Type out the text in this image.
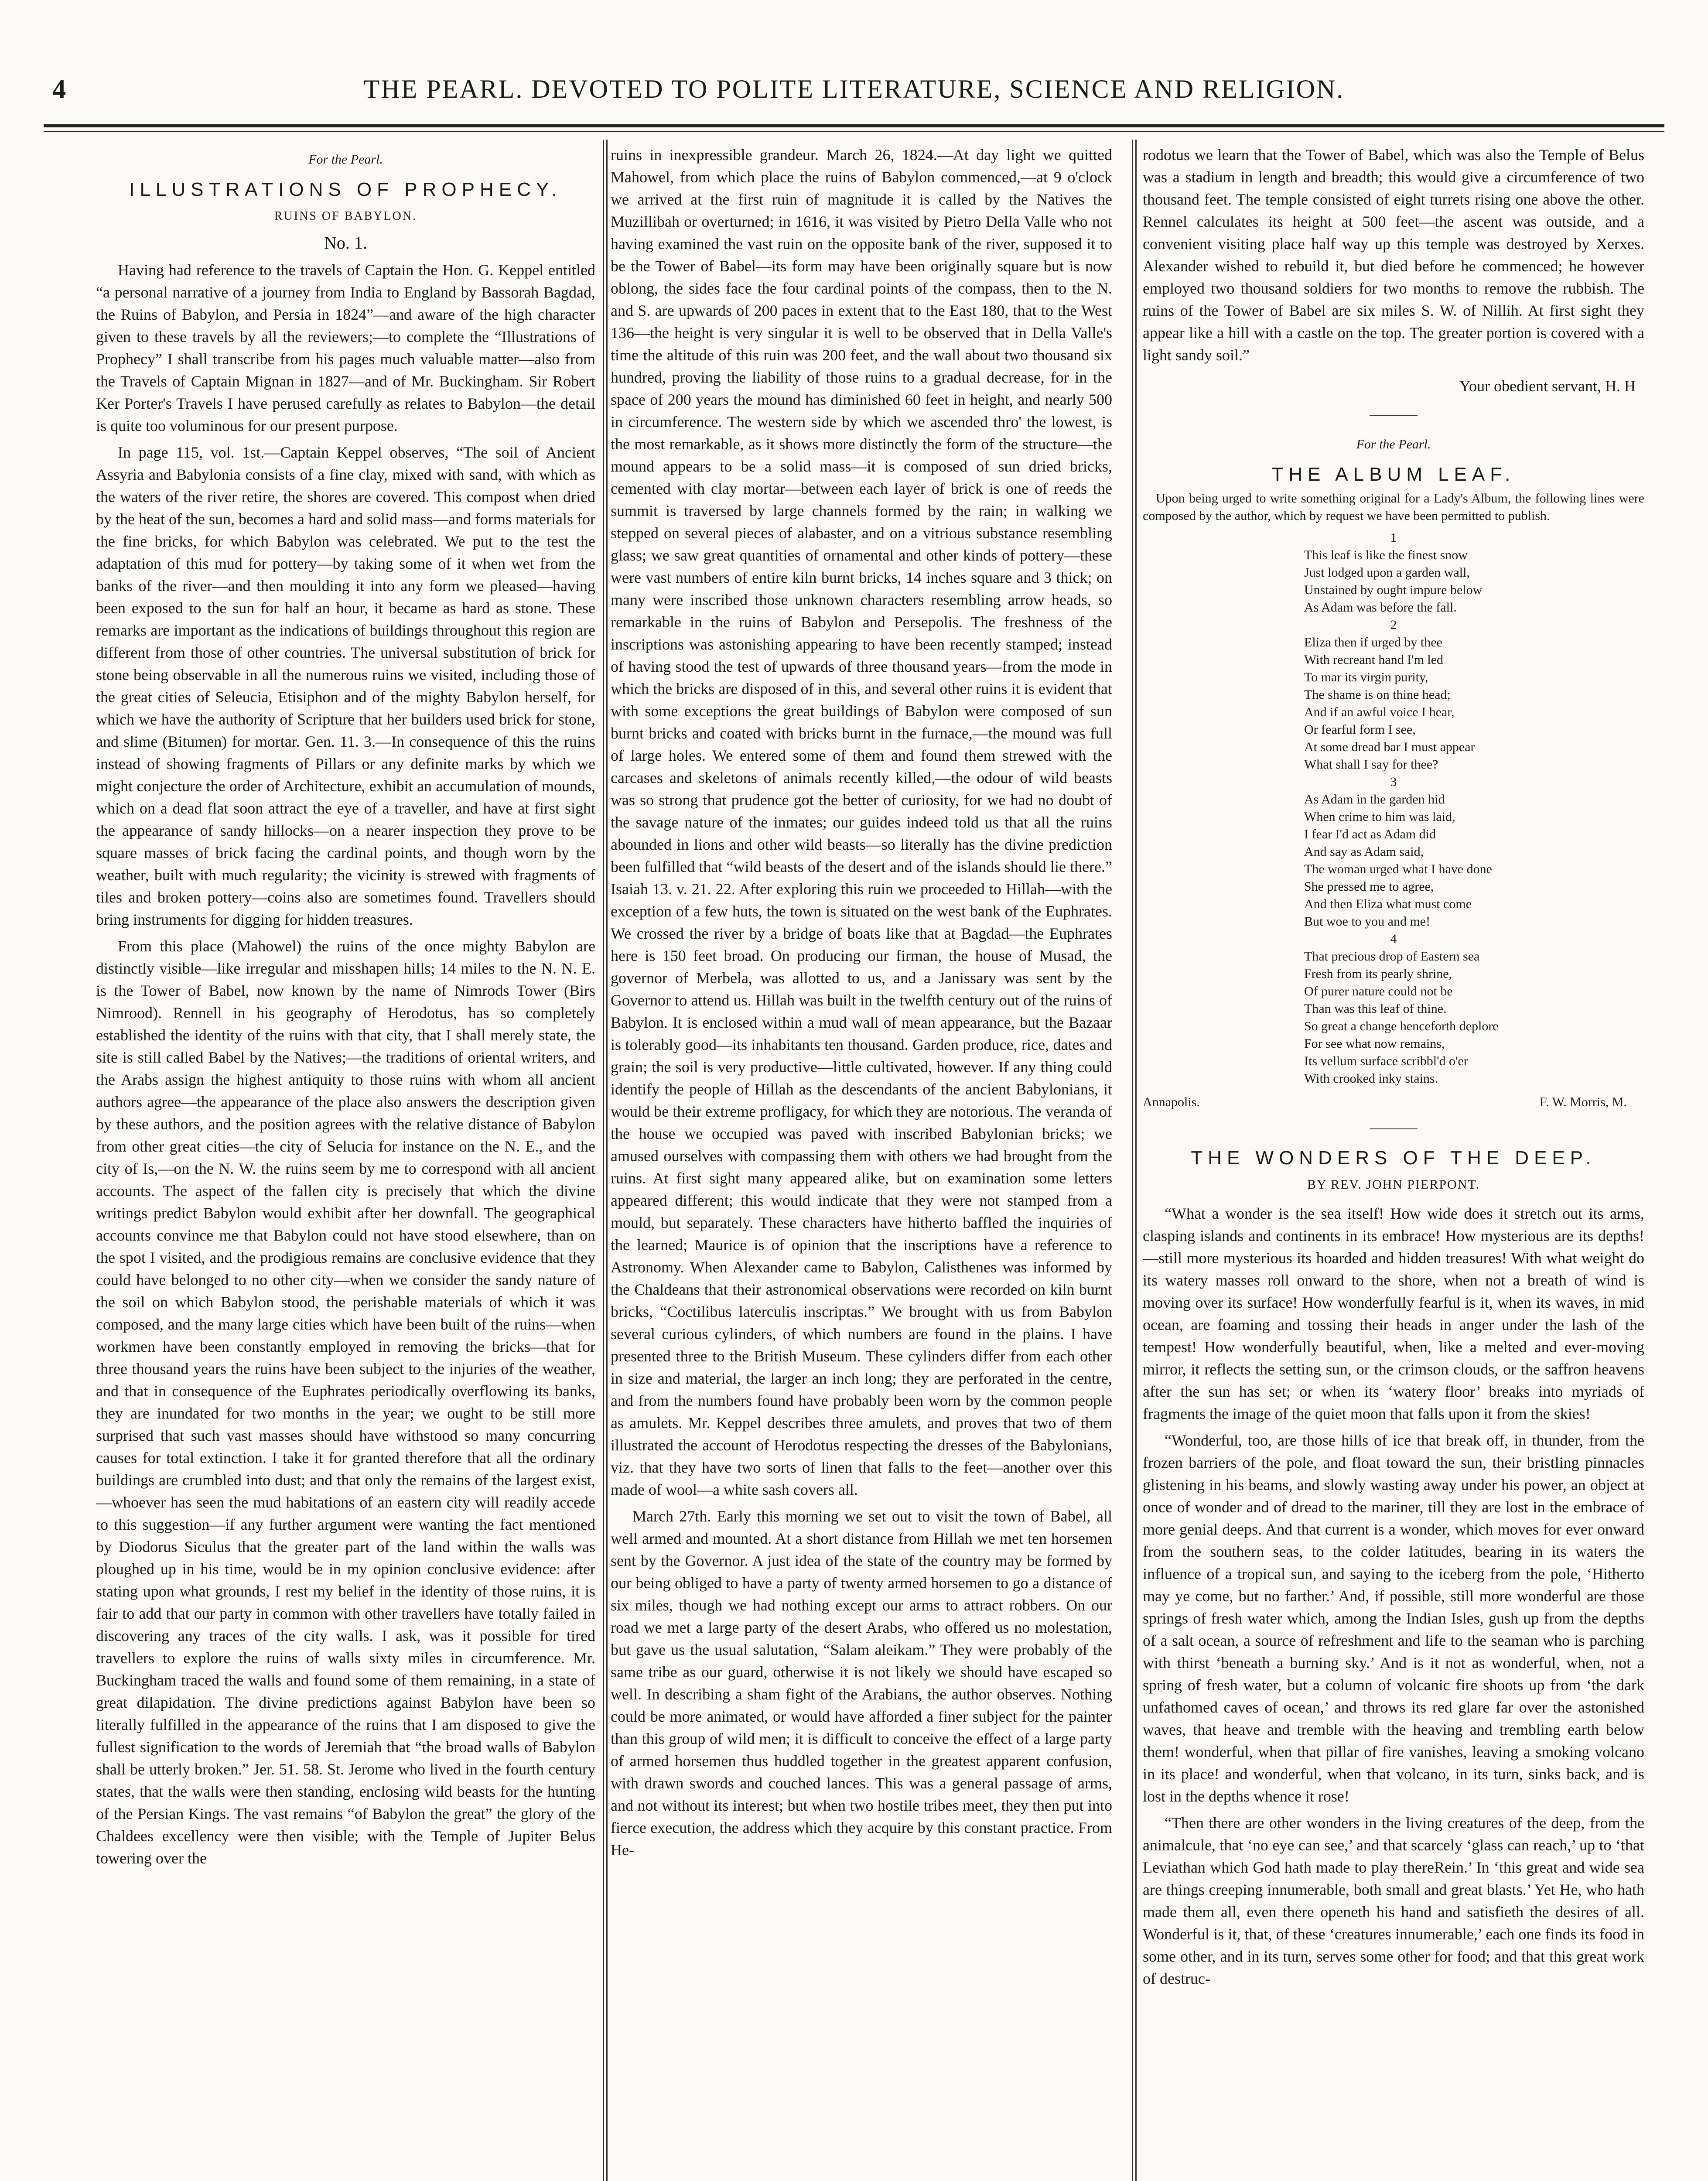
4	THE PEARL. DEVOTED TO POLITE LITERATURE, SCIENCE AND RELIGION.

For the Pearl.

ILLUSTRATIONS OF PROPHECY.

RUINS OF BABYLON.

No. 1.

Having had reference to the travels of Captain the Hon. G. Keppel entitled “a personal narrative of a journey from India to England by Bassorah Bagdad, the Ruins of Babylon, and Persia in 1824”—and aware of the high character given to these travels by all the reviewers;—to complete the “Illustrations of Prophecy” I shall transcribe from his pages much valuable matter—also from the Travels of Captain Mignan in 1827—and of Mr. Buckingham. Sir Robert Ker Porter's Travels I have perused carefully as relates to Babylon—the detail is quite too voluminous for our present purpose.

In page 115, vol. 1st.—Captain Keppel observes, “The soil of Ancient Assyria and Babylonia consists of a fine clay, mixed with sand, with which as the waters of the river retire, the shores are covered. This compost when dried by the heat of the sun, becomes a hard and solid mass—and forms materials for the fine bricks, for which Babylon was celebrated. We put to the test the adaptation of this mud for pottery—by taking some of it when wet from the banks of the river—and then moulding it into any form we pleased—having been exposed to the sun for half an hour, it became as hard as stone. These remarks are important as the indications of buildings throughout this region are different from those of other countries. The universal substitution of brick for stone being observable in all the numerous ruins we visited, including those of the great cities of Seleucia, Etisiphon and of the mighty Babylon herself, for which we have the authority of Scripture that her builders used brick for stone, and slime (Bitumen) for mortar. Gen. 11. 3.—In consequence of this the ruins instead of showing fragments of Pillars or any definite marks by which we might conjecture the order of Architecture, exhibit an accumulation of mounds, which on a dead flat soon attract the eye of a traveller, and have at first sight the appearance of sandy hillocks—on a nearer inspection they prove to be square masses of brick facing the cardinal points, and though worn by the weather, built with much regularity; the vicinity is strewed with fragments of tiles and broken pottery—coins also are sometimes found. Travellers should bring instruments for digging for hidden treasures.

From this place (Mahowel) the ruins of the once mighty Babylon are distinctly visible—like irregular and misshapen hills; 14 miles to the N. N. E. is the Tower of Babel, now known by the name of Nimrods Tower (Birs Nimrood). Rennell in his geography of Herodotus, has so completely established the identity of the ruins with that city, that I shall merely state, the site is still called Babel by the Natives;—the traditions of oriental writers, and the Arabs assign the highest antiquity to those ruins with whom all ancient authors agree—the appearance of the place also answers the description given by these authors, and the position agrees with the relative distance of Babylon from other great cities—the city of Selucia for instance on the N. E., and the city of Is,—on the N. W. the ruins seem by me to correspond with all ancient accounts. The aspect of the fallen city is precisely that which the divine writings predict Babylon would exhibit after her downfall. The geographical accounts convince me that Babylon could not have stood elsewhere, than on the spot I visited, and the prodigious remains are conclusive evidence that they could have belonged to no other city—when we consider the sandy nature of the soil on which Babylon stood, the perishable materials of which it was composed, and the many large cities which have been built of the ruins—when workmen have been constantly employed in removing the bricks—that for three thousand years the ruins have been subject to the injuries of the weather, and that in consequence of the Euphrates periodically overflowing its banks, they are inundated for two months in the year; we ought to be still more surprised that such vast masses should have withstood so many concurring causes for total extinction. I take it for granted therefore that all the ordinary buildings are crumbled into dust; and that only the remains of the largest exist,—whoever has seen the mud habitations of an eastern city will readily accede to this suggestion—if any further argument were wanting the fact mentioned by Diodorus Siculus that the greater part of the land within the walls was ploughed up in his time, would be in my opinion conclusive evidence: after stating upon what grounds, I rest my belief in the identity of those ruins, it is fair to add that our party in common with other travellers have totally failed in discovering any traces of the city walls. I ask, was it possible for tired travellers to explore the ruins of walls sixty miles in circumference. Mr. Buckingham traced the walls and found some of them remaining, in a state of great dilapidation. The divine predictions against Babylon have been so literally fulfilled in the appearance of the ruins that I am disposed to give the fullest signification to the words of Jeremiah that “the broad walls of Babylon shall be utterly broken.” Jer. 51. 58. St. Jerome who lived in the fourth century states, that the walls were then standing, enclosing wild beasts for the hunting of the Persian Kings. The vast remains “of Babylon the great” the glory of the Chaldees excellency were then visible; with the Temple of Jupiter Belus towering over the

ruins in inexpressible grandeur. March 26, 1824.—At day light we quitted Mahowel, from which place the ruins of Babylon commenced,—at 9 o'clock we arrived at the first ruin of magnitude it is called by the Natives the Muzillibah or overturned; in 1616, it was visited by Pietro Della Valle who not having examined the vast ruin on the opposite bank of the river, supposed it to be the Tower of Babel—its form may have been originally square but is now oblong, the sides face the four cardinal points of the compass, then to the N. and S. are upwards of 200 paces in extent that to the East 180, that to the West 136—the height is very singular it is well to be observed that in Della Valle's time the altitude of this ruin was 200 feet, and the wall about two thousand six hundred, proving the liability of those ruins to a gradual decrease, for in the space of 200 years the mound has diminished 60 feet in height, and nearly 500 in circumference. The western side by which we ascended thro' the lowest, is the most remarkable, as it shows more distinctly the form of the structure—the mound appears to be a solid mass—it is composed of sun dried bricks, cemented with clay mortar—between each layer of brick is one of reeds the summit is traversed by large channels formed by the rain; in walking we stepped on several pieces of alabaster, and on a vitrious substance resembling glass; we saw great quantities of ornamental and other kinds of pottery—these were vast numbers of entire kiln burnt bricks, 14 inches square and 3 thick; on many were inscribed those unknown characters resembling arrow heads, so remarkable in the ruins of Babylon and Persepolis. The freshness of the inscriptions was astonishing appearing to have been recently stamped; instead of having stood the test of upwards of three thousand years—from the mode in which the bricks are disposed of in this, and several other ruins it is evident that with some exceptions the great buildings of Babylon were composed of sun burnt bricks and coated with bricks burnt in the furnace,—the mound was full of large holes. We entered some of them and found them strewed with the carcases and skeletons of animals recently killed,—the odour of wild beasts was so strong that prudence got the better of curiosity, for we had no doubt of the savage nature of the inmates; our guides indeed told us that all the ruins abounded in lions and other wild beasts—so literally has the divine prediction been fulfilled that “wild beasts of the desert and of the islands should lie there.” Isaiah 13. v. 21. 22. After exploring this ruin we proceeded to Hillah—with the exception of a few huts, the town is situated on the west bank of the Euphrates. We crossed the river by a bridge of boats like that at Bagdad—the Euphrates here is 150 feet broad. On producing our firman, the house of Musad, the governor of Merbela, was allotted to us, and a Janissary was sent by the Governor to attend us. Hillah was built in the twelfth century out of the ruins of Babylon. It is enclosed within a mud wall of mean appearance, but the Bazaar is tolerably good—its inhabitants ten thousand. Garden produce, rice, dates and grain; the soil is very productive—little cultivated, however. If any thing could identify the people of Hillah as the descendants of the ancient Babylonians, it would be their extreme profligacy, for which they are notorious. The veranda of the house we occupied was paved with inscribed Babylonian bricks; we amused ourselves with compassing them with others we had brought from the ruins. At first sight many appeared alike, but on examination some letters appeared different; this would indicate that they were not stamped from a mould, but separately. These characters have hitherto baffled the inquiries of the learned; Maurice is of opinion that the inscriptions have a reference to Astronomy. When Alexander came to Babylon, Calisthenes was informed by the Chaldeans that their astronomical observations were recorded on kiln burnt bricks, “Coctilibus laterculis inscriptas.” We brought with us from Babylon several curious cylinders, of which numbers are found in the plains. I have presented three to the British Museum. These cylinders differ from each other in size and material, the larger an inch long; they are perforated in the centre, and from the numbers found have probably been worn by the common people as amulets. Mr. Keppel describes three amulets, and proves that two of them illustrated the account of Herodotus respecting the dresses of the Babylonians, viz. that they have two sorts of linen that falls to the feet—another over this made of wool—a white sash covers all.

March 27th. Early this morning we set out to visit the town of Babel, all well armed and mounted. At a short distance from Hillah we met ten horsemen sent by the Governor. A just idea of the state of the country may be formed by our being obliged to have a party of twenty armed horsemen to go a distance of six miles, though we had nothing except our arms to attract robbers. On our road we met a large party of the desert Arabs, who offered us no molestation, but gave us the usual salutation, “Salam aleikam.” They were probably of the same tribe as our guard, otherwise it is not likely we should have escaped so well. In describing a sham fight of the Arabians, the author observes. Nothing could be more animated, or would have afforded a finer subject for the painter than this group of wild men; it is difficult to conceive the effect of a large party of armed horsemen thus huddled together in the greatest apparent confusion, with drawn swords and couched lances. This was a general passage of arms, and not without its interest; but when two hostile tribes meet, they then put into fierce execution, the address which they acquire by this constant practice. From He-

rodotus we learn that the Tower of Babel, which was also the Temple of Belus was a stadium in length and breadth; this would give a circumference of two thousand feet. The temple consisted of eight turrets rising one above the other. Rennel calculates its height at 500 feet—the ascent was outside, and a convenient visiting place half way up this temple was destroyed by Xerxes. Alexander wished to rebuild it, but died before he commenced; he however employed two thousand soldiers for two months to remove the rubbish. The ruins of the Tower of Babel are six miles S. W. of Nillih. At first sight they appear like a hill with a castle on the top. The greater portion is covered with a light sandy soil.”

Your obedient servant, H. H

For the Pearl.

THE ALBUM LEAF.

Upon being urged to write something original for a Lady's Album, the following lines were composed by the author, which by request we have been permitted to publish.

1

This leaf is like the finest snow

Just lodged upon a garden wall,

Unstained by ought impure below

As Adam was before the fall.

2

Eliza then if urged by thee

With recreant hand I'm led

To mar its virgin purity,

The shame is on thine head;

And if an awful voice I hear,

Or fearful form I see,

At some dread bar I must appear

What shall I say for thee?

3

As Adam in the garden hid

When crime to him was laid,

I fear I'd act as Adam did

And say as Adam said,

The woman urged what I have done

She pressed me to agree,

And then Eliza what must come

But woe to you and me!

4

That precious drop of Eastern sea

Fresh from its pearly shrine,

Of purer nature could not be

Than was this leaf of thine.

So great a change henceforth deplore

For see what now remains,

Its vellum surface scribbl'd o'er

With crooked inky stains.

Annapolis.	F. W. Morris, M.

THE WONDERS OF THE DEEP.

BY REV. JOHN PIERPONT.

“What a wonder is the sea itself! How wide does it stretch out its arms, clasping islands and continents in its embrace! How mysterious are its depths!—still more mysterious its hoarded and hidden treasures! With what weight do its watery masses roll onward to the shore, when not a breath of wind is moving over its surface! How wonderfully fearful is it, when its waves, in mid ocean, are foaming and tossing their heads in anger under the lash of the tempest! How wonderfully beautiful, when, like a melted and ever-moving mirror, it reflects the setting sun, or the crimson clouds, or the saffron heavens after the sun has set; or when its ‘watery floor’ breaks into myriads of fragments the image of the quiet moon that falls upon it from the skies!

“Wonderful, too, are those hills of ice that break off, in thunder, from the frozen barriers of the pole, and float toward the sun, their bristling pinnacles glistening in his beams, and slowly wasting away under his power, an object at once of wonder and of dread to the mariner, till they are lost in the embrace of more genial deeps. And that current is a wonder, which moves for ever onward from the southern seas, to the colder latitudes, bearing in its waters the influence of a tropical sun, and saying to the iceberg from the pole, ‘Hitherto may ye come, but no farther.’ And, if possible, still more wonderful are those springs of fresh water which, among the Indian Isles, gush up from the depths of a salt ocean, a source of refreshment and life to the seaman who is parching with thirst ‘beneath a burning sky.’ And is it not as wonderful, when, not a spring of fresh water, but a column of volcanic fire shoots up from ‘the dark unfathomed caves of ocean,’ and throws its red glare far over the astonished waves, that heave and tremble with the heaving and trembling earth below them! wonderful, when that pillar of fire vanishes, leaving a smoking volcano in its place! and wonderful, when that volcano, in its turn, sinks back, and is lost in the depths whence it rose!

“Then there are other wonders in the living creatures of the deep, from the animalcule, that ‘no eye can see,’ and that scarcely ‘glass can reach,’ up to ‘that Leviathan which God hath made to play thereRein.’ In ‘this great and wide sea are things creeping innumerable, both small and great blasts.’ Yet He, who hath made them all, even there openeth his hand and satisfieth the desires of all. Wonderful is it, that, of these ‘creatures innumerable,’ each one finds its food in some other, and in its turn, serves some other for food; and that this great work of destruc-
